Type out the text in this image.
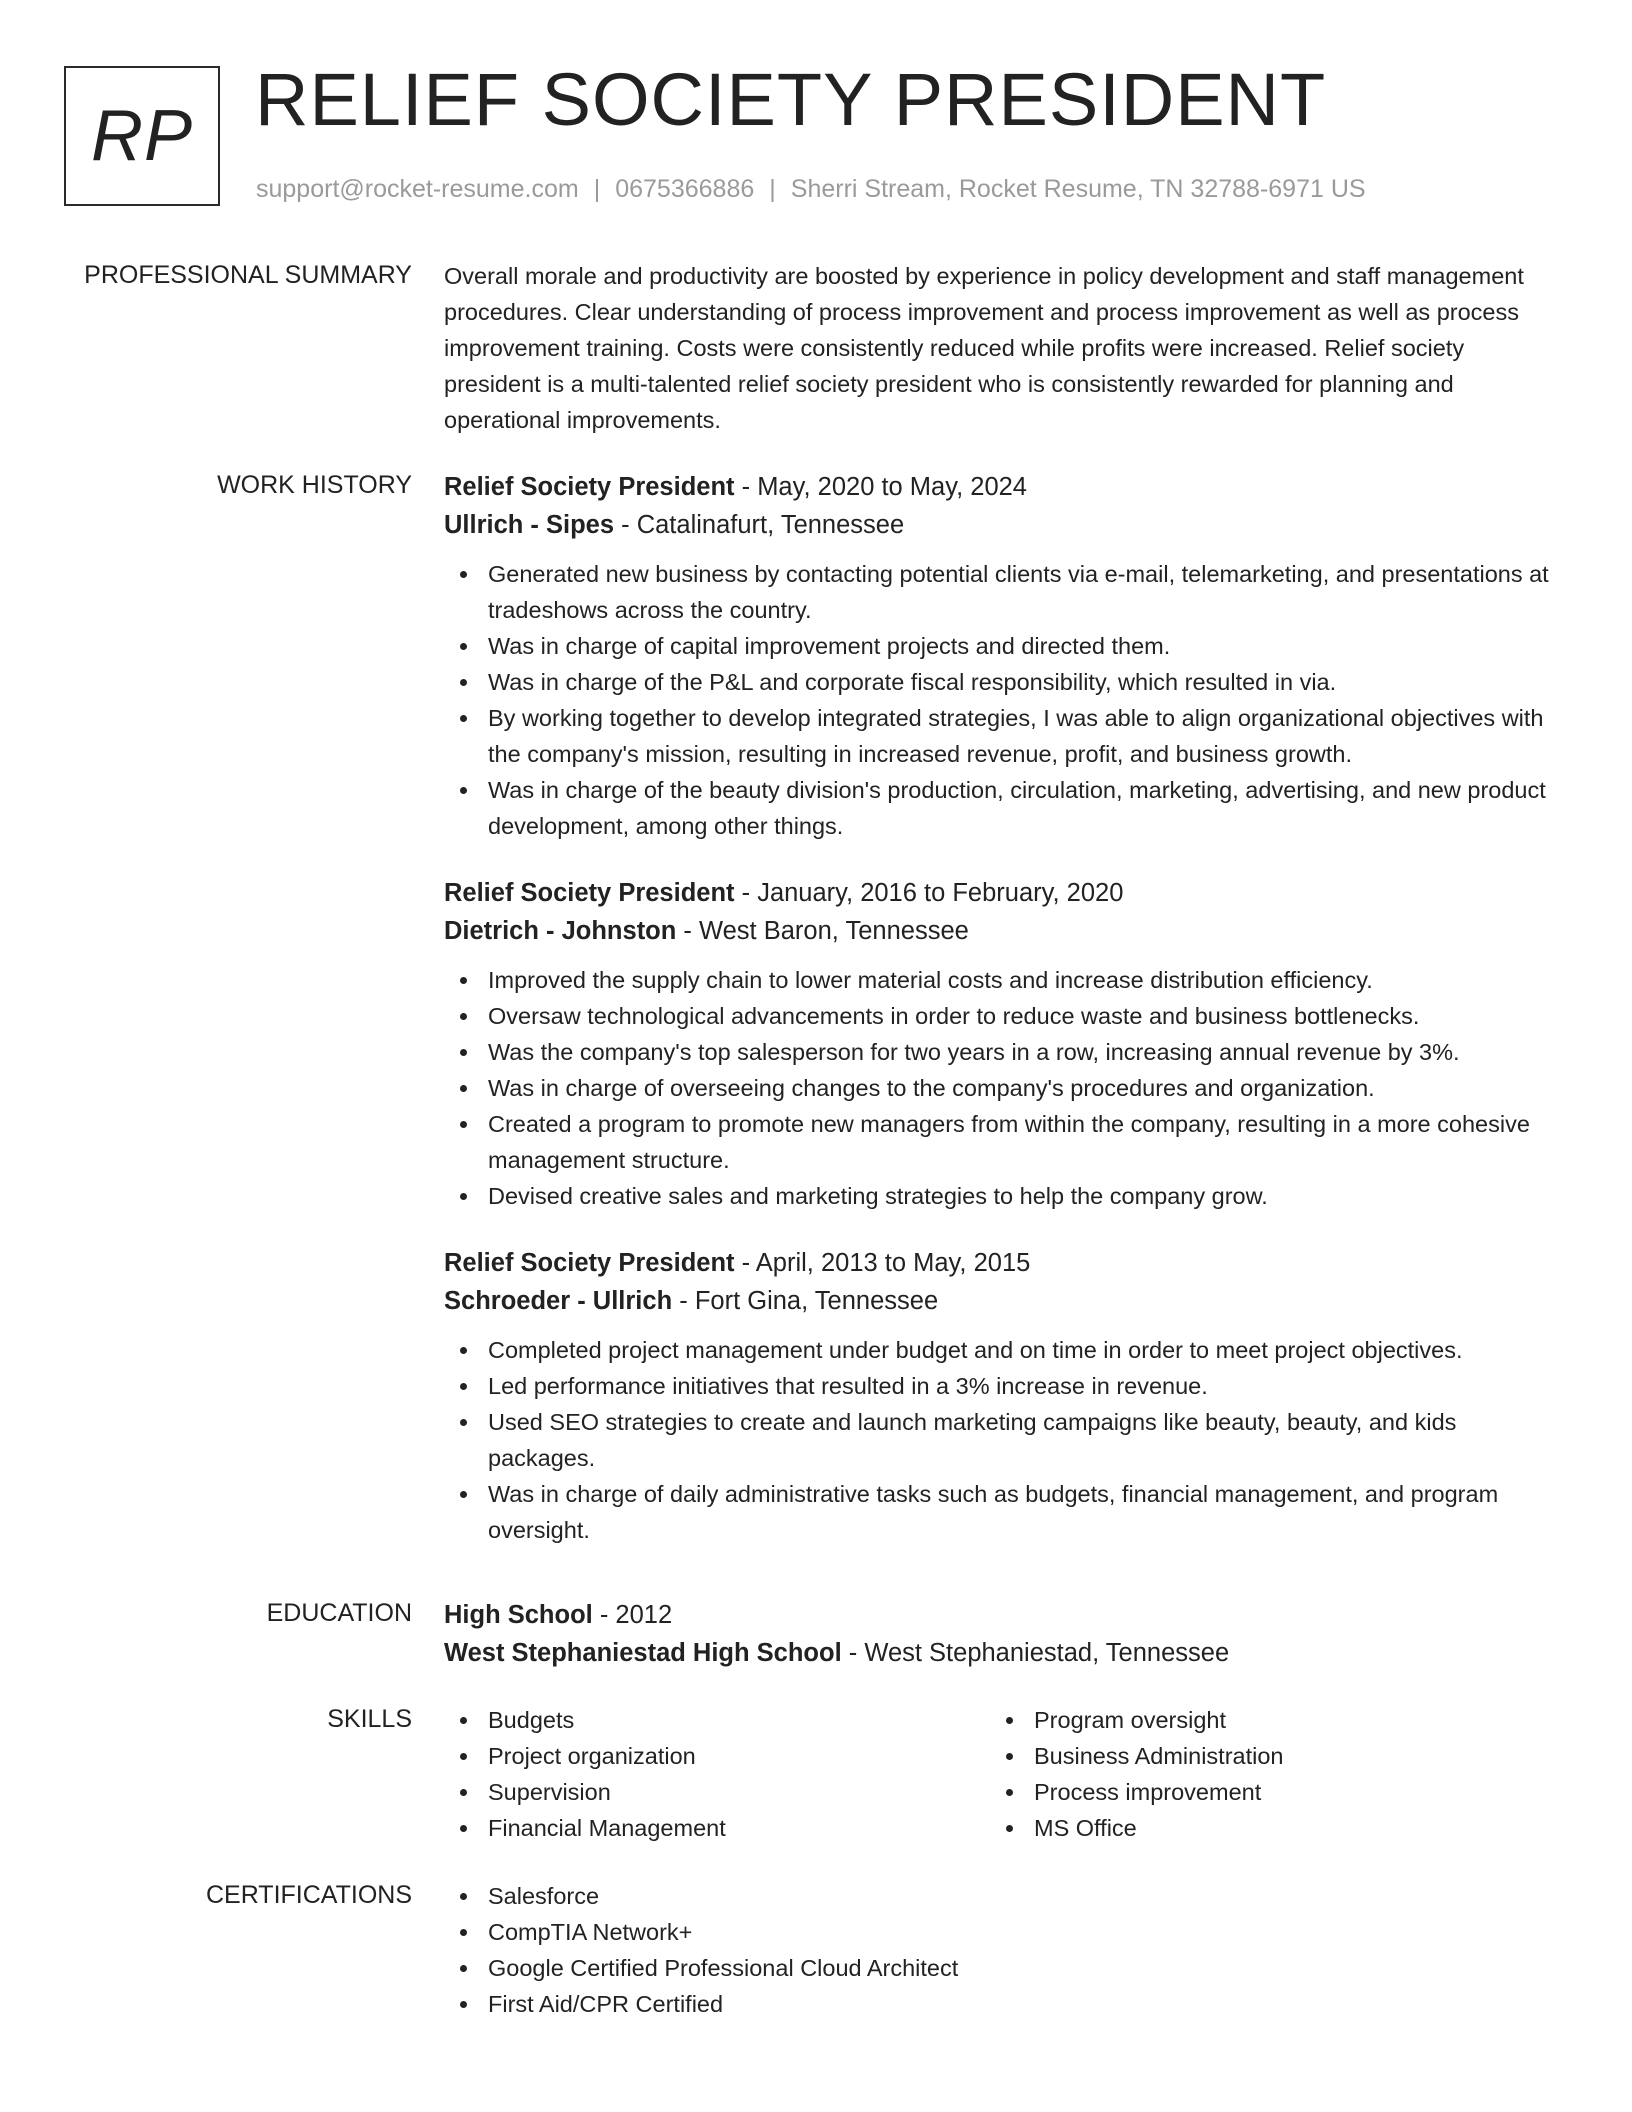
RP RELIEF SOCIETY PRESIDENT
support@rocket-resume.com | 0675366886 | Sherri Stream, Rocket Resume, TN 32788-6971 US
PROFESSIONAL SUMMARY Overall morale and productivity are boosted by experience in policy development and staff management procedures. Clear understanding of process improvement and process improvement as well as process improvement training. Costs were consistently reduced while profits were increased. Relief society president is a multi-talented relief society president who is consistently rewarded for planning and operational improvements.

WORK HISTORY Relief Society President - May, 2020 to May, 2024
Ullrich - Sipes - Catalinafurt, Tennessee
Generated new business by contacting potential clients via e-mail, telemarketing, and presentations at tradeshows across the country.
Was in charge of capital improvement projects and directed them.
Was in charge of the P&L and corporate fiscal responsibility, which resulted in via.
By working together to develop integrated strategies, I was able to align organizational objectives with the company's mission, resulting in increased revenue, profit, and business growth.
Was in charge of the beauty division's production, circulation, marketing, advertising, and new product development, among other things.
Relief Society President - January, 2016 to February, 2020
Dietrich - Johnston - West Baron, Tennessee
Improved the supply chain to lower material costs and increase distribution efficiency.
Oversaw technological advancements in order to reduce waste and business bottlenecks.
Was the company's top salesperson for two years in a row, increasing annual revenue by 3%.
Was in charge of overseeing changes to the company's procedures and organization.
Created a program to promote new managers from within the company, resulting in a more cohesive management structure.
Devised creative sales and marketing strategies to help the company grow.
Relief Society President - April, 2013 to May, 2015
Schroeder - Ullrich - Fort Gina, Tennessee
Completed project management under budget and on time in order to meet project objectives.
Led performance initiatives that resulted in a 3% increase in revenue.
Used SEO strategies to create and launch marketing campaigns like beauty, beauty, and kids packages.
Was in charge of daily administrative tasks such as budgets, financial management, and program oversight.
EDUCATION High School - 2012
West Stephaniestad High School - West Stephaniestad, Tennessee
SKILLS	Budgets
Project organization
Supervision
Financial Management
Program oversight
Business Administration
Process improvement
MS Office
CERTIFICATIONS	Salesforce
CompTIA Network+
Google Certified Professional Cloud Architect
First Aid/CPR Certified
